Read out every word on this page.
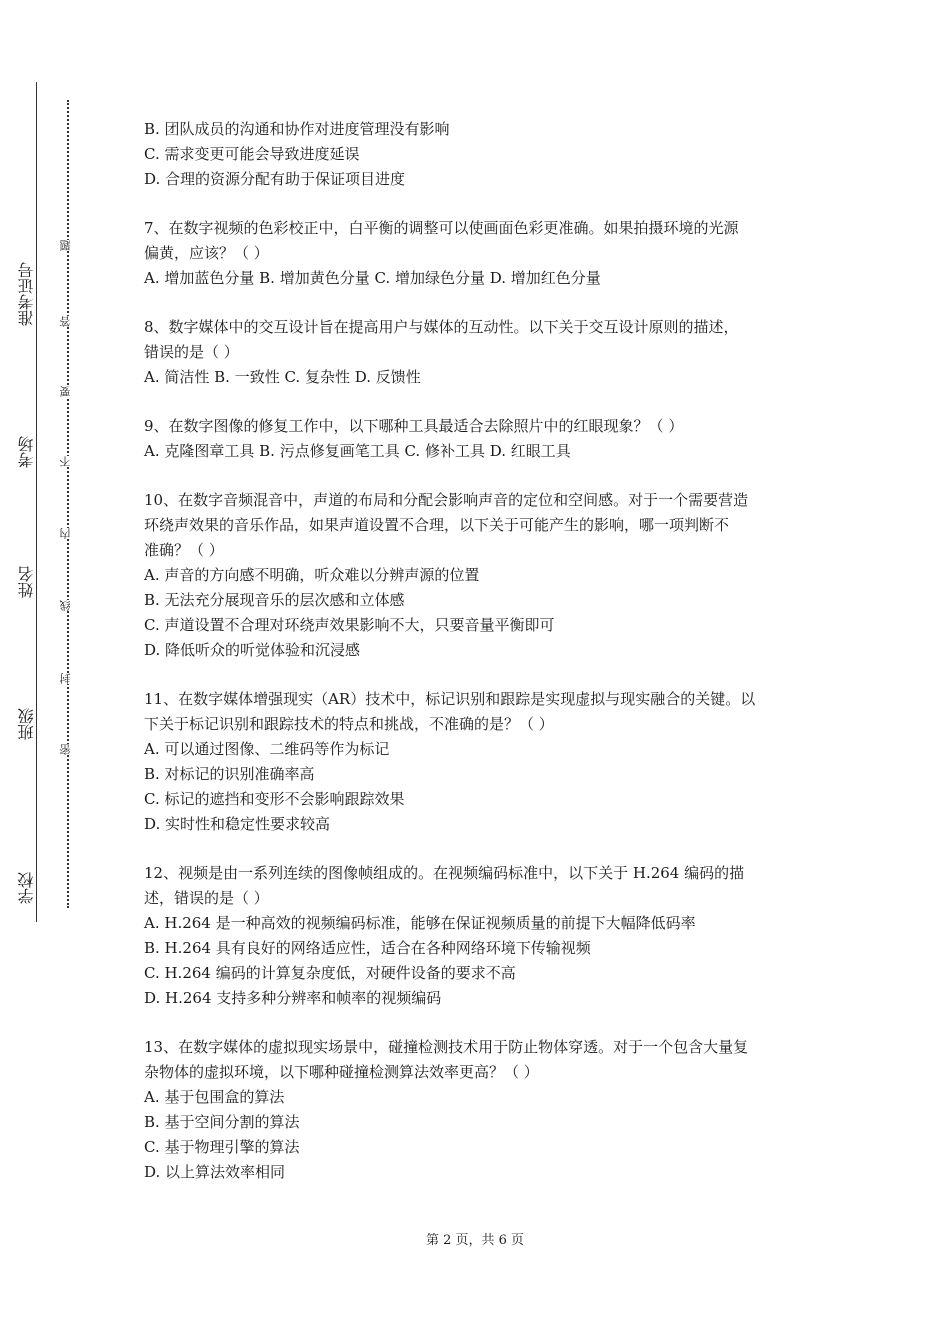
学校
班级
姓名
考场
准考证号
题
答
要
不
内
线
封
密
B. 团队成员的沟通和协作对进度管理没有影响
C. 需求变更可能会导致进度延误
D. 合理的资源分配有助于保证项目进度
7、在数字视频的色彩校正中，白平衡的调整可以使画面色彩更准确。如果拍摄环境的光源
偏黄，应该？（ ）
A. 增加蓝色分量 B. 增加黄色分量 C. 增加绿色分量 D. 增加红色分量
8、数字媒体中的交互设计旨在提高用户与媒体的互动性。以下关于交互设计原则的描述，
错误的是（ ）
A. 简洁性 B. 一致性 C. 复杂性 D. 反馈性
9、在数字图像的修复工作中，以下哪种工具最适合去除照片中的红眼现象？（ ）
A. 克隆图章工具 B. 污点修复画笔工具 C. 修补工具 D. 红眼工具
10、在数字音频混音中，声道的布局和分配会影响声音的定位和空间感。对于一个需要营造
环绕声效果的音乐作品，如果声道设置不合理，以下关于可能产生的影响，哪一项判断不
准确？（ ）
A. 声音的方向感不明确，听众难以分辨声源的位置
B. 无法充分展现音乐的层次感和立体感
C. 声道设置不合理对环绕声效果影响不大，只要音量平衡即可
D. 降低听众的听觉体验和沉浸感
11、在数字媒体增强现实（AR）技术中，标记识别和跟踪是实现虚拟与现实融合的关键。以
下关于标记识别和跟踪技术的特点和挑战，不准确的是？（ ）
A. 可以通过图像、二维码等作为标记
B. 对标记的识别准确率高
C. 标记的遮挡和变形不会影响跟踪效果
D. 实时性和稳定性要求较高
12、视频是由一系列连续的图像帧组成的。在视频编码标准中，以下关于 H.264 编码的描
述，错误的是（ ）
A. H.264 是一种高效的视频编码标准，能够在保证视频质量的前提下大幅降低码率
B. H.264 具有良好的网络适应性，适合在各种网络环境下传输视频
C. H.264 编码的计算复杂度低，对硬件设备的要求不高
D. H.264 支持多种分辨率和帧率的视频编码
13、在数字媒体的虚拟现实场景中，碰撞检测技术用于防止物体穿透。对于一个包含大量复
杂物体的虚拟环境，以下哪种碰撞检测算法效率更高？（ ）
A. 基于包围盒的算法
B. 基于空间分割的算法
C. 基于物理引擎的算法
D. 以上算法效率相同
第 2 页，共 6 页
